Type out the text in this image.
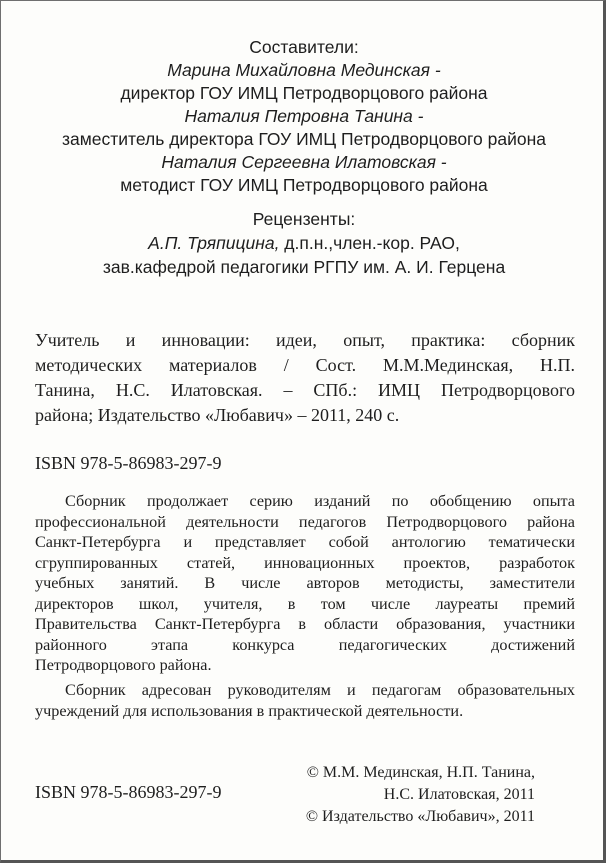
Составители:
Марина Михайловна Мединская -
директор ГОУ ИМЦ Петродворцового района
Наталия Петровна Танина -
заместитель директора ГОУ ИМЦ Петродворцового района
Наталия Сергеевна Илатовская -
методист ГОУ ИМЦ Петродворцового района
Рецензенты:
А.П. Тряпицина, д.п.н.,член.-кор. РАО,
зав.кафедрой педагогики РГПУ им. А. И. Герцена
Учитель и инновации: идеи, опыт, практика: сборник
методических материалов / Сост. М.М.Мединская, Н.П.
Танина, Н.С. Илатовская. – СПб.: ИМЦ Петродворцового
района; Издательство «Любавич» – 2011, 240 с.
ISBN 978-5-86983-297-9
Сборник продолжает серию изданий по обобщению опыта
профессиональной деятельности педагогов Петродворцового района
Санкт-Петербурга и представляет собой антологию тематически
сгруппированных статей, инновационных проектов, разработок
учебных занятий. В числе авторов методисты, заместители
директоров школ, учителя, в том числе лауреаты премий
Правительства Санкт-Петербурга в области образования, участники
районного этапа конкурса педагогических достижений
Петродворцового района.
Сборник адресован руководителям и педагогам образовательных
учреждений для использования в практической деятельности.
ISBN 978-5-86983-297-9
© М.М. Мединская, Н.П. Танина,
Н.С. Илатовская, 2011
© Издательство «Любавич», 2011
